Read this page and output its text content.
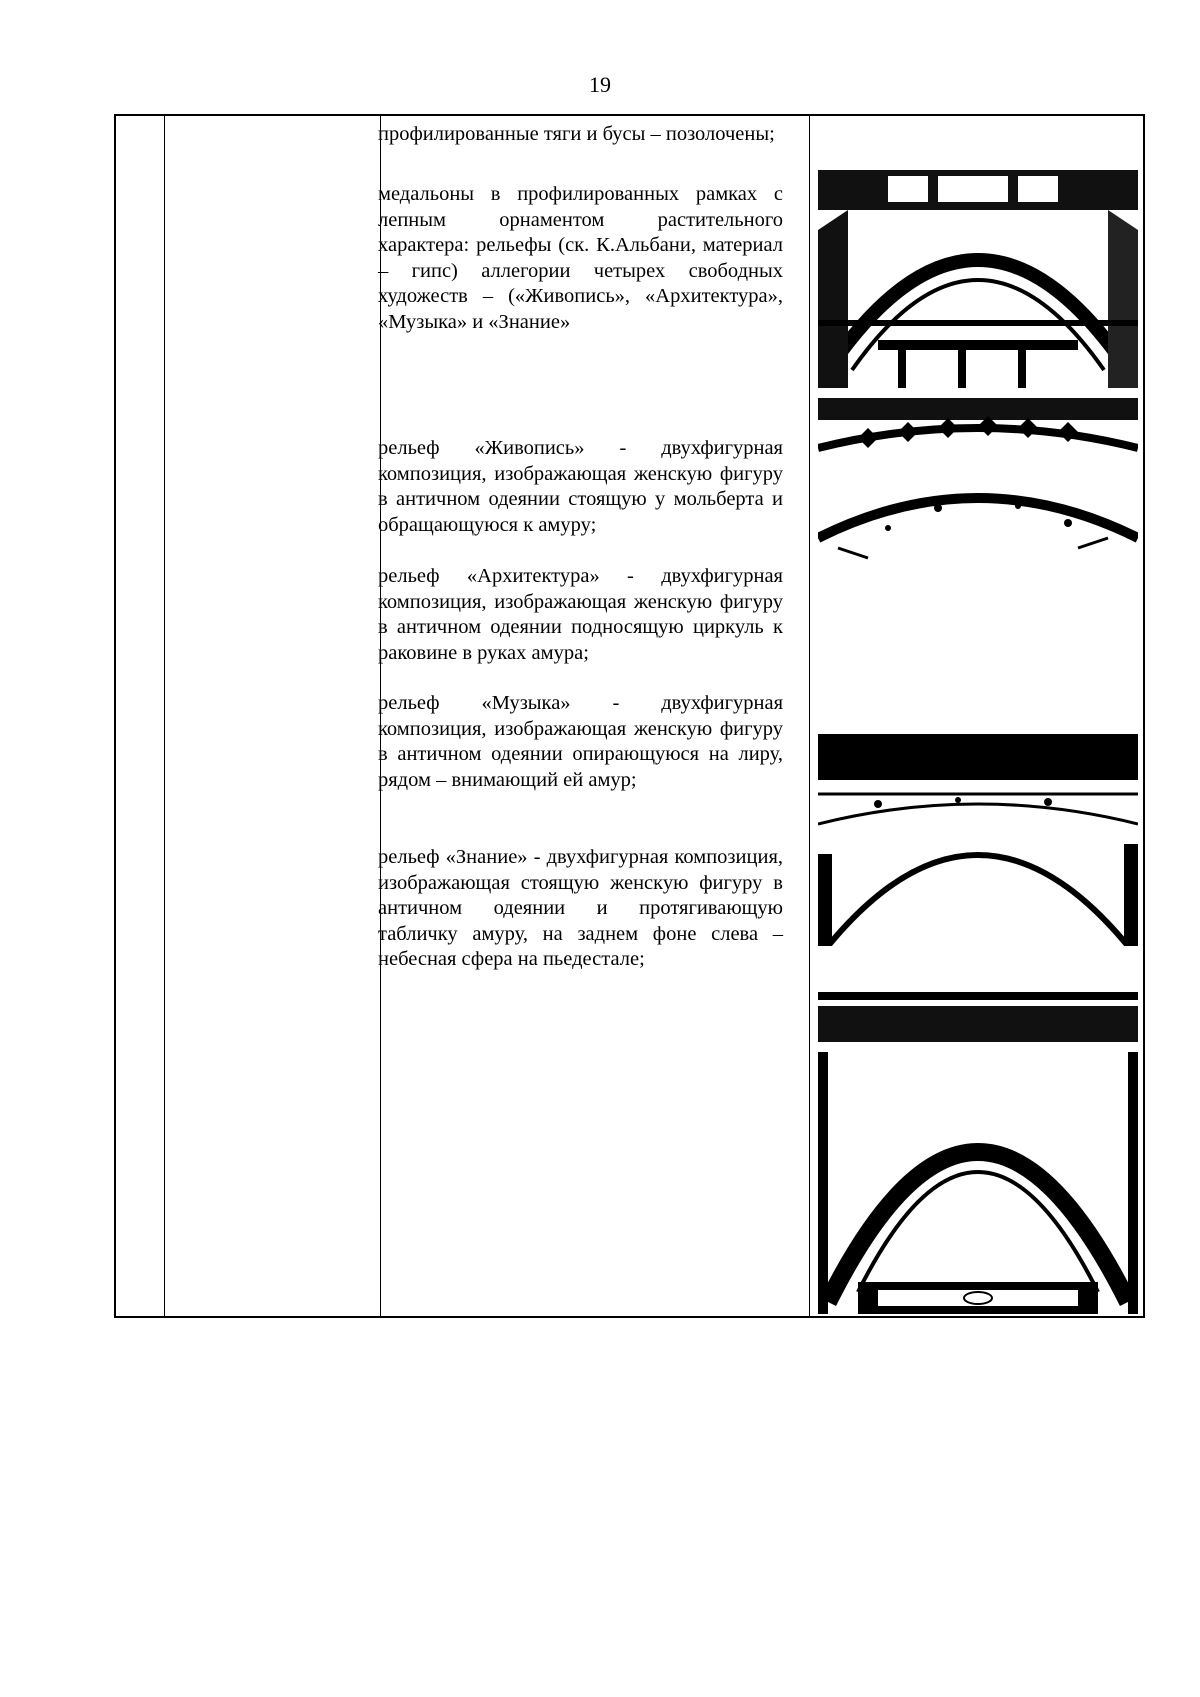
19

профилированные тяги и бусы – позолочены;

медальоны в профилированных рамках с лепным орнаментом растительного характера: рельефы (ск. К.Альбани, материал – гипс) аллегории четырех свободных художеств – («Живопись», «Архитектура», «Музыка» и «Знание»

рельеф «Живопись» - двухфигурная композиция, изображающая женскую фигуру в античном одеянии стоящую у мольберта и обращающуюся к амуру;

рельеф «Архитектура» - двухфигурная композиция, изображающая женскую фигуру в античном одеянии подносящую циркуль к раковине в руках амура;

рельеф «Музыка» - двухфигурная композиция, изображающая женскую фигуру в античном одеянии опирающуюся на лиру, рядом – внимающий ей амур;

рельеф «Знание» - двухфигурная композиция, изображающая стоящую женскую фигуру в античном одеянии и протягивающую табличку амуру, на заднем фоне слева – небесная сфера на пьедестале;
